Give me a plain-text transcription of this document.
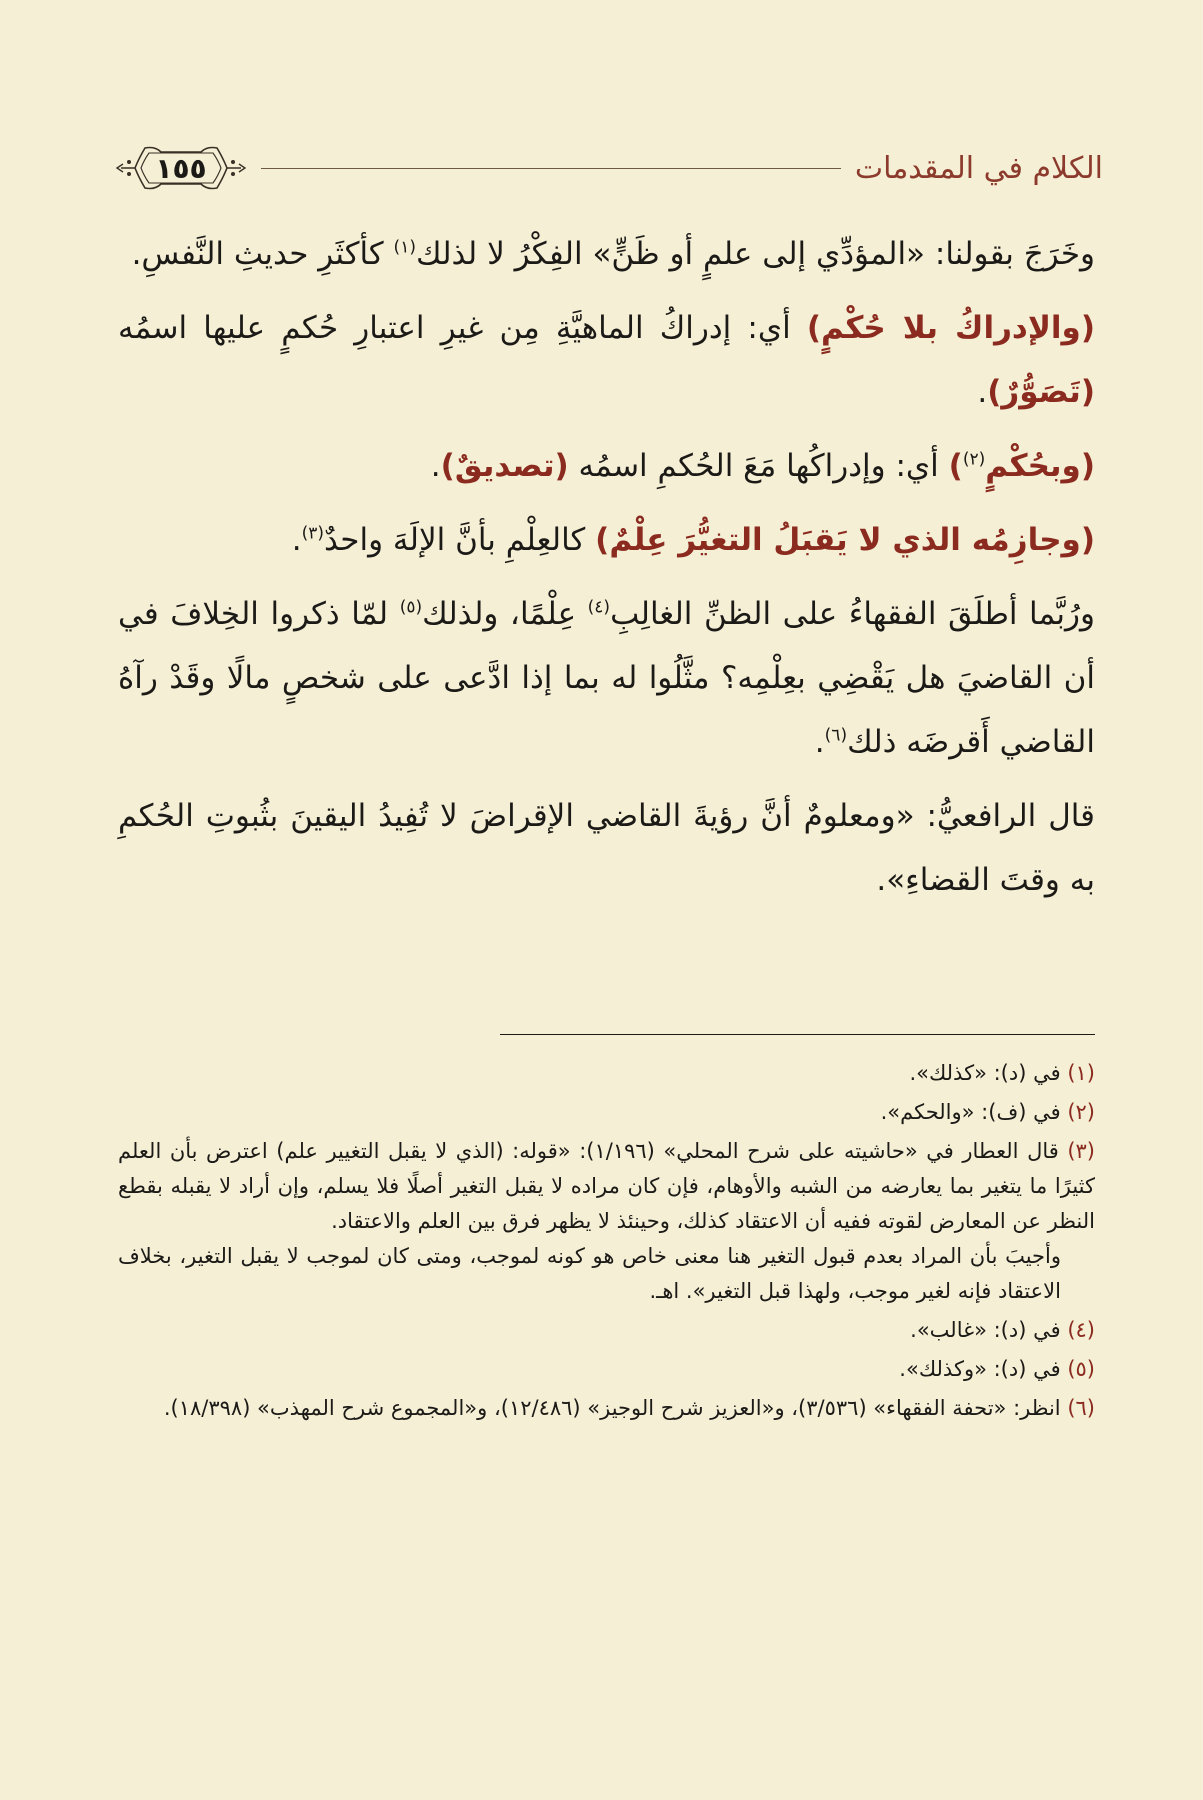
الكلام في المقدمات
١٥٥

وخَرَجَ بقولنا: «المؤدِّي إلى علمٍ أو ظَنٍّ» الفِكْرُ لا لذلك$^{(١)}$ كأكثَرِ حديثِ النَّفسِ.

(والإدراكُ بلا حُكْمٍ) أي: إدراكُ الماهيَّةِ مِن غيرِ اعتبارِ حُكمٍ عليها اسمُه (تَصَوُّرٌ).

(وبحُكْمٍ$^{(٢)}$) أي: وإدراكُها مَعَ الحُكمِ اسمُه (تصديقٌ).

(وجازِمُه الذي لا يَقبَلُ التغيُّرَ عِلْمٌ) كالعِلْمِ بأنَّ الإلَهَ واحدٌ$^{(٣)}$.

ورُبَّما أطلَقَ الفقهاءُ على الظنِّ الغالِبِ$^{(٤)}$ عِلْمًا، ولذلك$^{(٥)}$ لمّا ذكروا الخِلافَ في أن القاضيَ هل يَقْضِي بعِلْمِه؟ مثَّلُوا له بما إذا ادَّعى على شخصٍ مالًا وقَدْ رآهُ القاضي أَقرضَه ذلك$^{(٦)}$.

قال الرافعيُّ: «ومعلومٌ أنَّ رؤيةَ القاضي الإقراضَ لا تُفِيدُ اليقينَ بثُبوتِ الحُكمِ به وقتَ القضاءِ».

(١) في (د): «كذلك».
(٢) في (ف): «والحكم».
(٣) قال العطار في «حاشيته على شرح المحلي» (١/١٩٦): «قوله: (الذي لا يقبل التغيير علم) اعترض بأن العلم كثيرًا ما يتغير بما يعارضه من الشبه والأوهام، فإن كان مراده لا يقبل التغير أصلًا فلا يسلم، وإن أراد لا يقبله بقطع النظر عن المعارض لقوته ففيه أن الاعتقاد كذلك، وحينئذ لا يظهر فرق بين العلم والاعتقاد.
وأجيبَ بأن المراد بعدم قبول التغير هنا معنى خاص هو كونه لموجب، ومتى كان لموجب لا يقبل التغير، بخلاف الاعتقاد فإنه لغير موجب، ولهذا قبل التغير». اهـ.
(٤) في (د): «غالب».
(٥) في (د): «وكذلك».
(٦) انظر: «تحفة الفقهاء» (٣/٥٣٦)، و«العزيز شرح الوجيز» (١٢/٤٨٦)، و«المجموع شرح المهذب» (١٨/٣٩٨).
